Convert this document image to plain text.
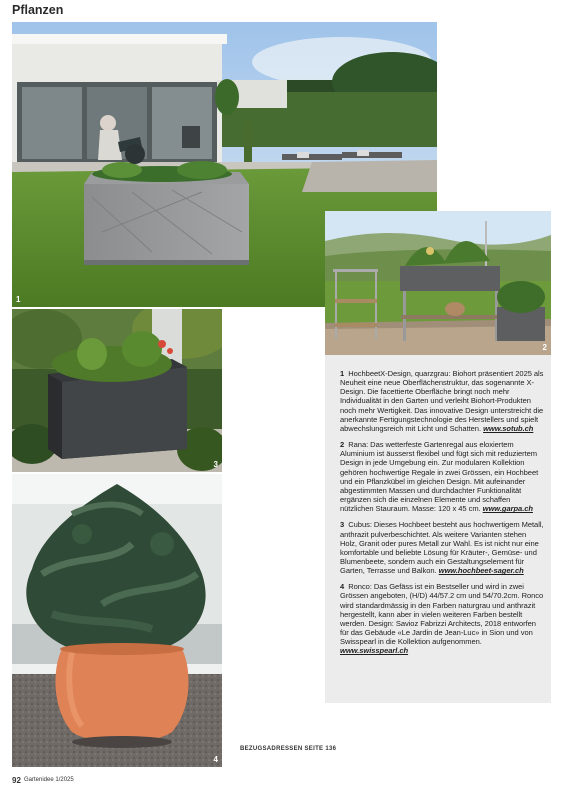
Pflanzen
1
2
3
4

1 HochbeetX-Design, quarzgrau: Biohort präsentiert 2025 als Neuheit eine neue Oberflächenstruktur, das sogenannte X-Design. Die facettierte Oberfläche bringt noch mehr Individualität in den Garten und verleiht Biohort-Produkten noch mehr Wertigkeit. Das innovative Design unterstreicht die anerkannte Fertigungstechnologie des Herstellers und spielt abwechslungsreich mit Licht und Schatten. www.sotub.ch

2 Rana: Das wetterfeste Gartenregal aus eloxiertem Aluminium ist äusserst flexibel und fügt sich mit reduziertem Design in jede Umgebung ein. Zur modularen Kollektion gehören hochwertige Regale in zwei Grössen, ein Hochbeet und ein Pflanzkübel im gleichen Design. Mit aufeinander abgestimmten Massen und durchdachter Funktionalität ergänzen sich die einzelnen Elemente und schaffen nützlichen Stauraum. Masse: 120 x 45 cm. www.garpa.ch

3 Cubus: Dieses Hochbeet besteht aus hochwertigem Metall, anthrazit pulverbeschichtet. Als weitere Varianten stehen Holz, Granit oder pures Metall zur Wahl. Es ist nicht nur eine komfortable und beliebte Lösung für Kräuter-, Gemüse- und Blumenbeete, sondern auch ein Gestaltungselement für Garten, Terrasse und Balkon. www.hochbeet-sager.ch

4 Ronco: Das Gefäss ist ein Bestseller und wird in zwei Grössen angeboten, (H/D) 44/57.2 cm und 54/70.2cm. Ronco wird standardmässig in den Farben naturgrau und anthrazit hergestellt, kann aber in vielen weiteren Farben bestellt werden. Design: Savioz Fabrizzi Architects, 2018 entworfen für das Gebäude «Le Jardin de Jean-Luc» in Sion und von Swisspearl in die Kollektion aufgenommen. www.swisspearl.ch

BEZUGSADRESSEN SEITE 136
92 Gartenidee 1/2025
